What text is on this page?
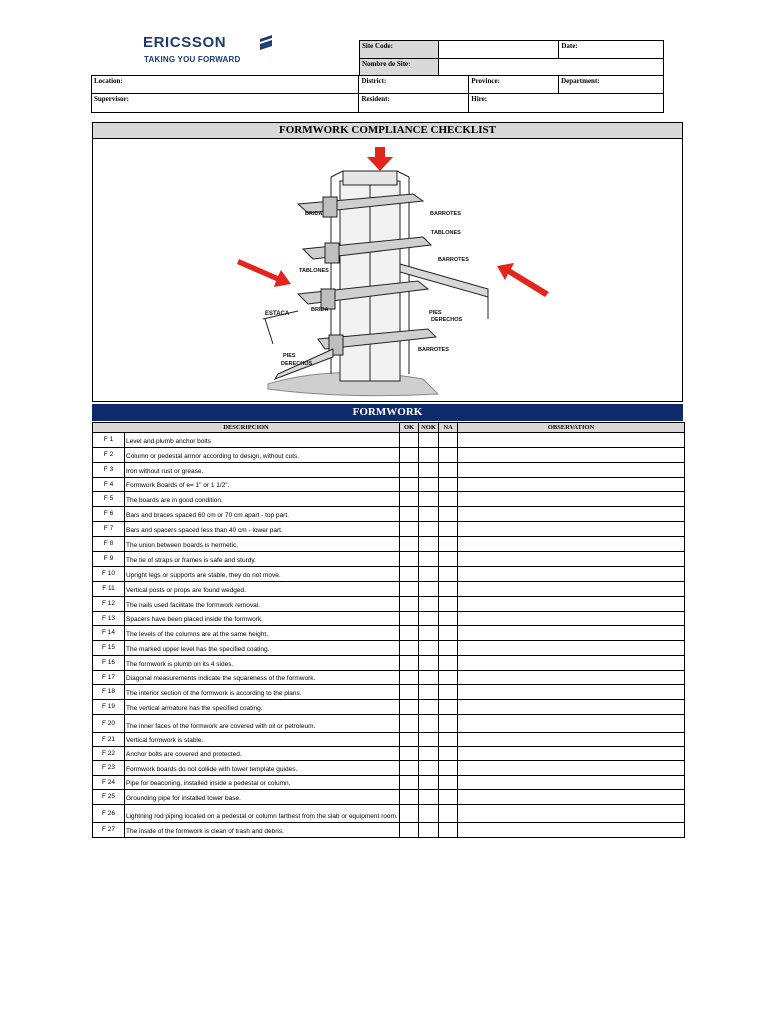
ERICSSON
TAKING YOU FORWARD
Site Code:		Date:
Nombre de Site:		
Location:	District:	Province:	Department:
Supervisor:	Resident:	Hire:	
FORMWORK COMPLIANCE CHECKLIST
BRIDA	BARROTES
TABLONES
BARROTES
TABLONES
BRIDA
ESTACA	PIES
DERECHOS
BARROTES
PIES
DERECHOS
FORMWORK
DESCRIPCION		OK	NOK	NA	OBSERVATION
F 1	Level and plumb anchor bolts				
F 2	Column or pedestal armor according to design, without cuts.				
F 3	Iron without rust or grease.				
F 4	Formwork Boards of e= 1" or 1 1/2".				
F 5	The boards are in good condition.				
F 6	Bars and braces spaced 60 cm or 70 cm apart - top part.				
F 7	Bars and spacers spaced less than 40 cm - lower part.				
F 8	The union between boards is hermetic.				
F 9	The tie of straps or frames is safe and sturdy.				
F 10	Upright legs or supports are stable, they do not move.				
F 11	Vertical posts or props are found wedged.				
F 12	The nails used facilitate the formwork removal.				
F 13	Spacers have been placed inside the formwork.				
F 14	The levels of the columns are at the same height.				
F 15	The marked upper level has the specified coating.				
F 16	The formwork is plumb on its 4 sides.				
F 17	Diagonal measurements indicate the squareness of the formwork.				
F 18	The interior section of the formwork is according to the plans.				
F 19	The vertical armature has the specified coating.				
F 20	The inner faces of the formwork are covered with oil or petroleum.				
F 21	Vertical formwork is stable.				
F 22	Anchor bolts are covered and protected.				
F 23	Formwork boards do not collide with tower template guides.				
F 24	Pipe for beaconing, installed inside a pedestal or column.				
F 25	Grounding pipe for installed tower base.				
F 26	Lightning rod piping located on a pedestal or column farthest from the slab or equipment room.				
F 27	The inside of the formwork is clean of trash and debris.				
